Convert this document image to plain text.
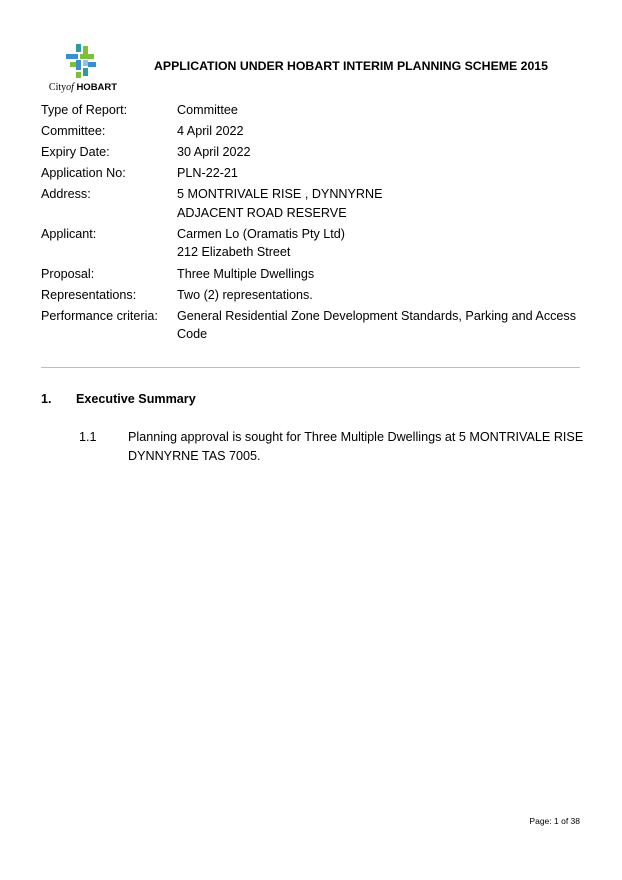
Cityof HOBART
APPLICATION UNDER HOBART INTERIM PLANNING SCHEME 2015
Type of Report:	Committee
Committee:	4 April 2022
Expiry Date:	30 April 2022
Application No:	PLN-22-21
Address:	5 MONTRIVALE RISE , DYNNYRNE
ADJACENT ROAD RESERVE
Applicant:	Carmen Lo (Oramatis Pty Ltd)
212 Elizabeth Street
Proposal:	Three Multiple Dwellings
Representations:	Two (2) representations.
Performance criteria:	General Residential Zone Development Standards, Parking and Access
Code
1. Executive Summary
1.1	Planning approval is sought for Three Multiple Dwellings at 5 MONTRIVALE RISE DYNNYRNE TAS 7005.
Page: 1 of 38
